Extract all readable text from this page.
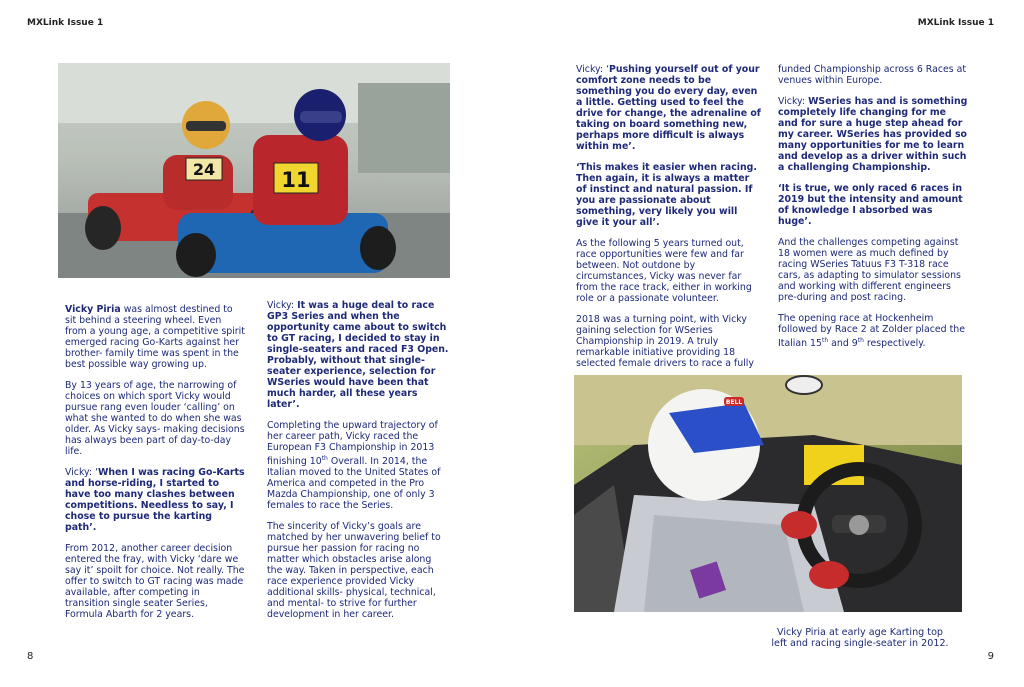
MXLink Issue 1
24	11

Vicky Piria was almost destined to sit behind a steering wheel. Even from a young age, a competitive spirit emerged racing Go-Karts against her brother- family time was spent in the best possible way growing up.

By 13 years of age, the narrowing of choices on which sport Vicky would pursue rang even louder ‘calling’ on what she wanted to do when she was older. As Vicky says- making decisions has always been part of day-to-day life.

Vicky: ‘When I was racing Go-Karts and horse-riding, I started to have too many clashes between competitions. Needless to say, I chose to pursue the karting path’.

From 2012, another career decision entered the fray, with Vicky ‘dare we say it’ spoilt for choice. Not really. The offer to switch to GT racing was made available, after competing in transition single seater Series, Formula Abarth for 2 years.

Vicky: It was a huge deal to race GP3 Series and when the opportunity came about to switch to GT racing, I decided to stay in single-seaters and raced F3 Open. Probably, without that single-seater experience, selection for WSeries would have been that much harder, all these years later’.

Completing the upward trajectory of her career path, Vicky raced the European F3 Championship in 2013 finishing 10th Overall. In 2014, the Italian moved to the United States of America and competed in the Pro Mazda Championship, one of only 3 females to race the Series.

The sincerity of Vicky’s goals are matched by her unwavering belief to pursue her passion for racing no matter which obstacles arise along the way. Taken in perspective, each race experience provided Vicky additional skills- physical, technical, and mental- to strive for further development in her career.

8
MXLink Issue 1

Vicky: ‘Pushing yourself out of your comfort zone needs to be something you do every day, even a little. Getting used to feel the drive for change, the adrenaline of taking on board something new, perhaps more difficult is always within me’.

‘This makes it easier when racing. Then again, it is always a matter of instinct and natural passion. If you are passionate about something, very likely you will give it your all’.

As the following 5 years turned out, race opportunities were few and far between. Not outdone by circumstances, Vicky was never far from the race track, either in working role or a passionate volunteer.

2018 was a turning point, with Vicky gaining selection for WSeries Championship in 2019. A truly remarkable initiative providing 18 selected female drivers to race a fully

funded Championship across 6 Races at venues within Europe.

Vicky: WSeries has and is something completely life changing for me and for sure a huge step ahead for my career. WSeries has provided so many opportunities for me to learn and develop as a driver within such a challenging Championship.

‘It is true, we only raced 6 races in 2019 but the intensity and amount of knowledge I absorbed was huge’.

And the challenges competing against 18 women were as much defined by racing WSeries Tatuus F3 T-318 race cars, as adapting to simulator sessions and working with different engineers pre-during and post racing.

The opening race at Hockenheim followed by Race 2 at Zolder placed the Italian 15th and 9th respectively.

BELL
Vicky Piria at early age Karting top left and racing single-seater in 2012.
9
